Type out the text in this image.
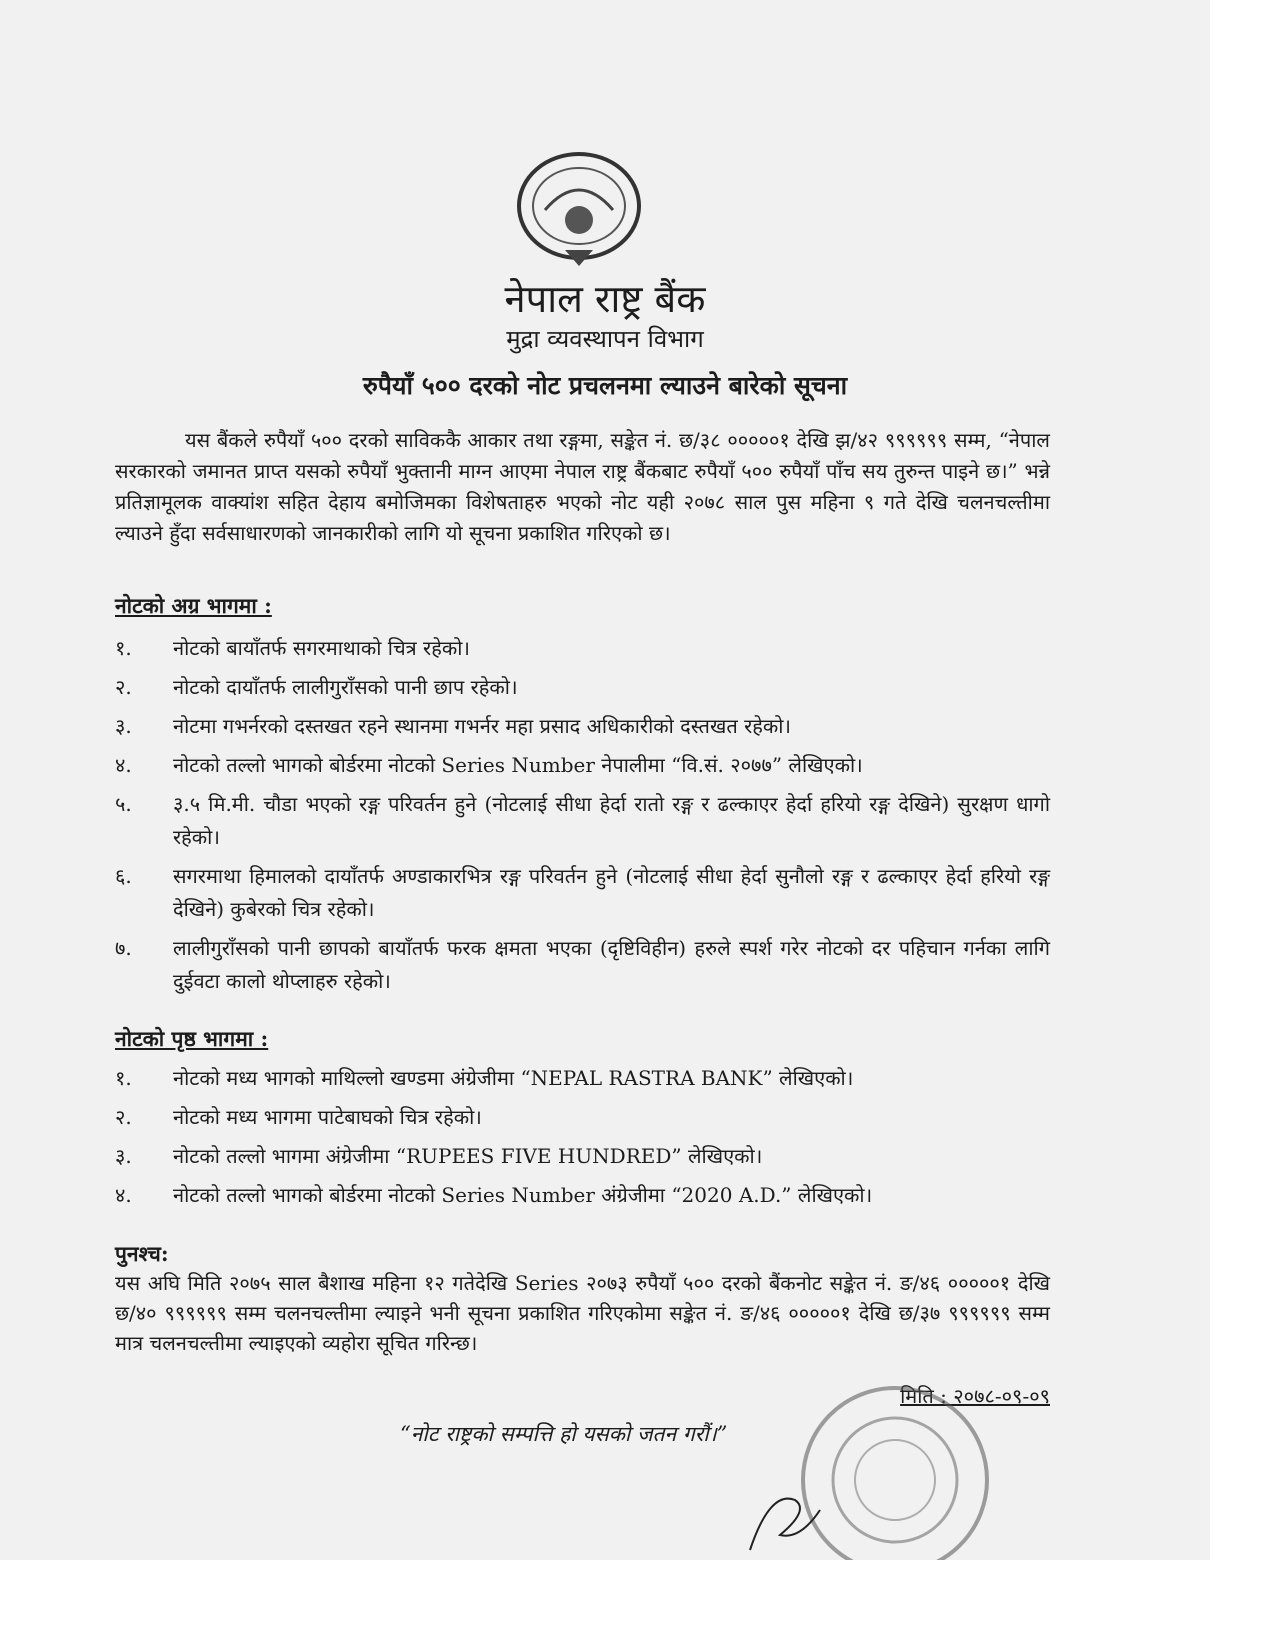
नेपाल राष्ट्र बैंक
मुद्रा व्यवस्थापन विभाग
रुपैयाँ ५०० दरको नोट प्रचलनमा ल्याउने बारेको सूचना
यस बैंकले रुपैयाँ ५०० दरको साविककै आकार तथा रङ्गमा, सङ्केत नं. छ/३८ ०००००१ देखि झ/४२ ९९९९९९ सम्म, “नेपाल सरकारको जमानत प्राप्त यसको रुपैयाँ भुक्तानी माग्न आएमा नेपाल राष्ट्र बैंकबाट रुपैयाँ ५०० रुपैयाँ पाँच सय तुरुन्त पाइने छ।” भन्ने प्रतिज्ञामूलक वाक्यांश सहित देहाय बमोजिमका विशेषताहरु भएको नोट यही २०७८ साल पुस महिना ९ गते देखि चलनचल्तीमा ल्याउने हुँदा सर्वसाधारणको जानकारीको लागि यो सूचना प्रकाशित गरिएको छ।
नोटको अग्र भागमा :
१.	नोटको बायाँतर्फ सगरमाथाको चित्र रहेको।
२.	नोटको दायाँतर्फ लालीगुराँसको पानी छाप रहेको।
३.	नोटमा गभर्नरको दस्तखत रहने स्थानमा गभर्नर महा प्रसाद अधिकारीको दस्तखत रहेको।
४.	नोटको तल्लो भागको बोर्डरमा नोटको Series Number नेपालीमा “वि.सं. २०७७” लेखिएको।
५.	३.५ मि.मी. चौडा भएको रङ्ग परिवर्तन हुने (नोटलाई सीधा हेर्दा रातो रङ्ग र ढल्काएर हेर्दा हरियो रङ्ग देखिने) सुरक्षण धागो रहेको।
६.	सगरमाथा हिमालको दायाँतर्फ अण्डाकारभित्र रङ्ग परिवर्तन हुने (नोटलाई सीधा हेर्दा सुनौलो रङ्ग र ढल्काएर हेर्दा हरियो रङ्ग देखिने) कुबेरको चित्र रहेको।
७.	लालीगुराँसको पानी छापको बायाँतर्फ फरक क्षमता भएका (दृष्टिविहीन) हरुले स्पर्श गरेर नोटको दर पहिचान गर्नका लागि दुईवटा कालो थोप्लाहरु रहेको।
नोटको पृष्ठ भागमा :
१.	नोटको मध्य भागको माथिल्लो खण्डमा अंग्रेजीमा “NEPAL RASTRA BANK” लेखिएको।
२.	नोटको मध्य भागमा पाटेबाघको चित्र रहेको।
३.	नोटको तल्लो भागमा अंग्रेजीमा “RUPEES FIVE HUNDRED” लेखिएको।
४.	नोटको तल्लो भागको बोर्डरमा नोटको Series Number अंग्रेजीमा “2020 A.D.” लेखिएको।
पुनश्च:
यस अघि मिति २०७५ साल बैशाख महिना १२ गतेदेखि Series २०७३ रुपैयाँ ५०० दरको बैंकनोट सङ्केत नं. ङ/४६ ०००००१ देखि छ/४० ९९९९९९ सम्म चलनचल्तीमा ल्याइने भनी सूचना प्रकाशित गरिएकोमा सङ्केत नं. ङ/४६ ०००००१ देखि छ/३७ ९९९९९९ सम्म मात्र चलनचल्तीमा ल्याइएको व्यहोरा सूचित गरिन्छ।
मिति : २०७८-०९-०९
“नोट राष्ट्रको सम्पत्ति हो यसको जतन गरौं।”
